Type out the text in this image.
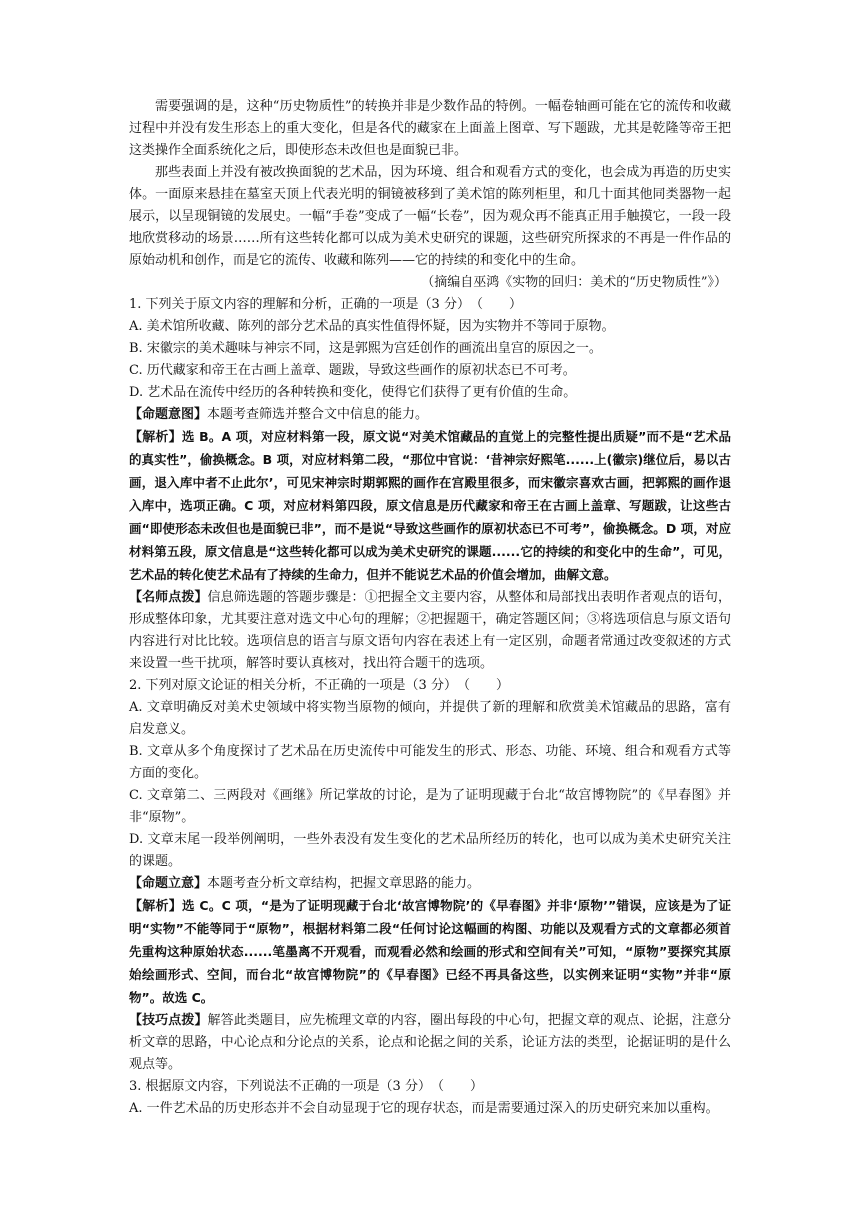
需要强调的是，这种“历史物质性”的转换并非是少数作品的特例。一幅卷轴画可能在它的流传和收藏过程中并没有发生形态上的重大变化，但是各代的藏家在上面盖上图章、写下题跋，尤其是乾隆等帝王把这类操作全面系统化之后，即使形态未改但也是面貌已非。

那些表面上并没有被改换面貌的艺术品，因为环境、组合和观看方式的变化，也会成为再造的历史实体。一面原来悬挂在墓室天顶上代表光明的铜镜被移到了美术馆的陈列柜里，和几十面其他同类器物一起展示，以呈现铜镜的发展史。一幅“手卷”变成了一幅“长卷”，因为观众再不能真正用手触摸它，一段一段地欣赏移动的场景……所有这些转化都可以成为美术史研究的课题，这些研究所探求的不再是一件作品的原始动机和创作，而是它的流传、收藏和陈列——它的持续的和变化中的生命。

（摘编自巫鸿《实物的回归：美术的“历史物质性”》）

1. 下列关于原文内容的理解和分析，正确的一项是（3 分）　（　　）

A. 美术馆所收藏、陈列的部分艺术品的真实性值得怀疑，因为实物并不等同于原物。

B. 宋徽宗的美术趣味与神宗不同，这是郭熙为宫廷创作的画流出皇宫的原因之一。

C. 历代藏家和帝王在古画上盖章、题跋，导致这些画作的原初状态已不可考。

D. 艺术品在流传中经历的各种转换和变化，使得它们获得了更有价值的生命。

【命题意图】本题考查筛选并整合文中信息的能力。

【解析】选 B。A 项，对应材料第一段，原文说“对美术馆藏品的直觉上的完整性提出质疑”而不是“艺术品的真实性”，偷换概念。B 项，对应材料第二段，“那位中官说：‘昔神宗好熙笔......上(徽宗)继位后，易以古画，退入库中者不止此尔’，可见宋神宗时期郭熙的画作在宫殿里很多，而宋徽宗喜欢古画，把郭熙的画作退入库中，选项正确。C 项，对应材料第四段，原文信息是历代藏家和帝王在古画上盖章、写题跋，让这些古画“即使形态未改但也是面貌已非”，而不是说“导致这些画作的原初状态已不可考”，偷换概念。D 项，对应材料第五段，原文信息是“这些转化都可以成为美术史研究的课题......它的持续的和变化中的生命”，可见，艺术品的转化使艺术品有了持续的生命力，但并不能说艺术品的价值会增加，曲解文意。

【名师点拨】信息筛选题的答题步骤是：①把握全文主要内容，从整体和局部找出表明作者观点的语句，形成整体印象，尤其要注意对选文中心句的理解；②把握题干，确定答题区间；③将选项信息与原文语句内容进行对比比较。选项信息的语言与原文语句内容在表述上有一定区别，命题者常通过改变叙述的方式来设置一些干扰项，解答时要认真核对，找出符合题干的选项。

2. 下列对原文论证的相关分析，不正确的一项是（3 分）　（　　）

A. 文章明确反对美术史领域中将实物当原物的倾向，并提供了新的理解和欣赏美术馆藏品的思路，富有启发意义。

B. 文章从多个角度探讨了艺术品在历史流传中可能发生的形式、形态、功能、环境、组合和观看方式等方面的变化。

C. 文章第二、三两段对《画继》所记掌故的讨论，是为了证明现藏于台北“故宫博物院”的《早春图》并非“原物”。

D. 文章末尾一段举例阐明，一些外表没有发生变化的艺术品所经历的转化，也可以成为美术史研究关注的课题。

【命题立意】本题考查分析文章结构，把握文章思路的能力。

【解析】选 C。C 项，“是为了证明现藏于台北‘故宫博物院’的《早春图》并非‘原物’”错误，应该是为了证明“实物”不能等同于“原物”，根据材料第二段“任何讨论这幅画的构图、功能以及观看方式的文章都必须首先重构这种原始状态......笔墨离不开观看，而观看必然和绘画的形式和空间有关”可知，“原物”要探究其原始绘画形式、空间，而台北“故宫博物院”的《早春图》已经不再具备这些，以实例来证明“实物”并非“原物”。故选 C。

【技巧点拨】解答此类题目，应先梳理文章的内容，圈出每段的中心句，把握文章的观点、论据，注意分析文章的思路，中心论点和分论点的关系，论点和论据之间的关系，论证方法的类型，论据证明的是什么观点等。

3. 根据原文内容，下列说法不正确的一项是（3 分）　（　　）

A. 一件艺术品的历史形态并不会自动显现于它的现存状态，而是需要通过深入的历史研究来加以重构。
